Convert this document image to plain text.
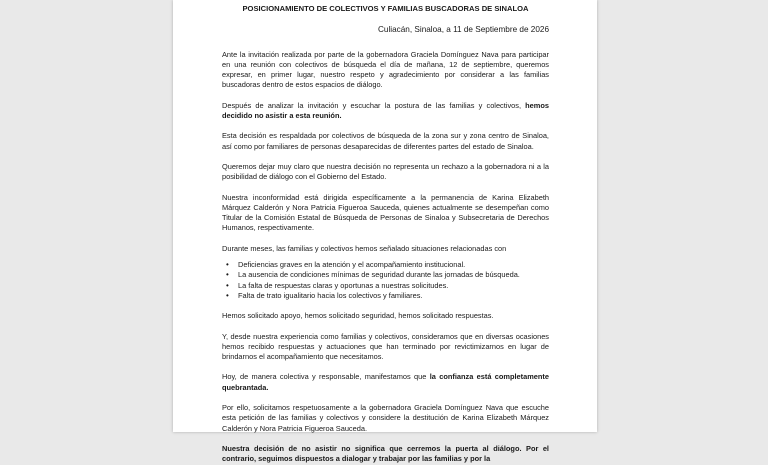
POSICIONAMIENTO DE COLECTIVOS Y FAMILIAS BUSCADORAS DE SINALOA

Culiacán, Sinaloa, a 11 de Septiembre de 2026

Ante la invitación realizada por parte de la gobernadora Graciela Domínguez Nava para participar en una reunión con colectivos de búsqueda el día de mañana, 12 de septiembre, queremos expresar, en primer lugar, nuestro respeto y agradecimiento por considerar a las familias buscadoras dentro de estos espacios de diálogo.

Después de analizar la invitación y escuchar la postura de las familias y colectivos, hemos decidido no asistir a esta reunión.

Esta decisión es respaldada por colectivos de búsqueda de la zona sur y zona centro de Sinaloa, así como por familiares de personas desaparecidas de diferentes partes del estado de Sinaloa.

Queremos dejar muy claro que nuestra decisión no representa un rechazo a la gobernadora ni a la posibilidad de diálogo con el Gobierno del Estado.

Nuestra inconformidad está dirigida específicamente a la permanencia de Karina Elizabeth Márquez Calderón y Nora Patricia Figueroa Sauceda, quienes actualmente se desempeñan como Titular de la Comisión Estatal de Búsqueda de Personas de Sinaloa y Subsecretaria de Derechos Humanos, respectivamente.

Durante meses, las familias y colectivos hemos señalado situaciones relacionadas con

• Deficiencias graves en la atención y el acompañamiento institucional.
• La ausencia de condiciones mínimas de seguridad durante las jornadas de búsqueda.
• La falta de respuestas claras y oportunas a nuestras solicitudes.
• Falta de trato igualitario hacia los colectivos y familiares.

Hemos solicitado apoyo, hemos solicitado seguridad, hemos solicitado respuestas.

Y, desde nuestra experiencia como familias y colectivos, consideramos que en diversas ocasiones hemos recibido respuestas y actuaciones que han terminado por revictimizarnos en lugar de brindarnos el acompañamiento que necesitamos.

Hoy, de manera colectiva y responsable, manifestamos que la confianza está completamente quebrantada.

Por ello, solicitamos respetuosamente a la gobernadora Graciela Domínguez Nava que escuche esta petición de las familias y colectivos y considere la destitución de Karina Elizabeth Márquez Calderón y Nora Patricia Figueroa Sauceda.

Nuestra decisión de no asistir no significa que cerremos la puerta al diálogo. Por el contrario, seguimos dispuestos a dialogar y trabajar por las familias y por la
